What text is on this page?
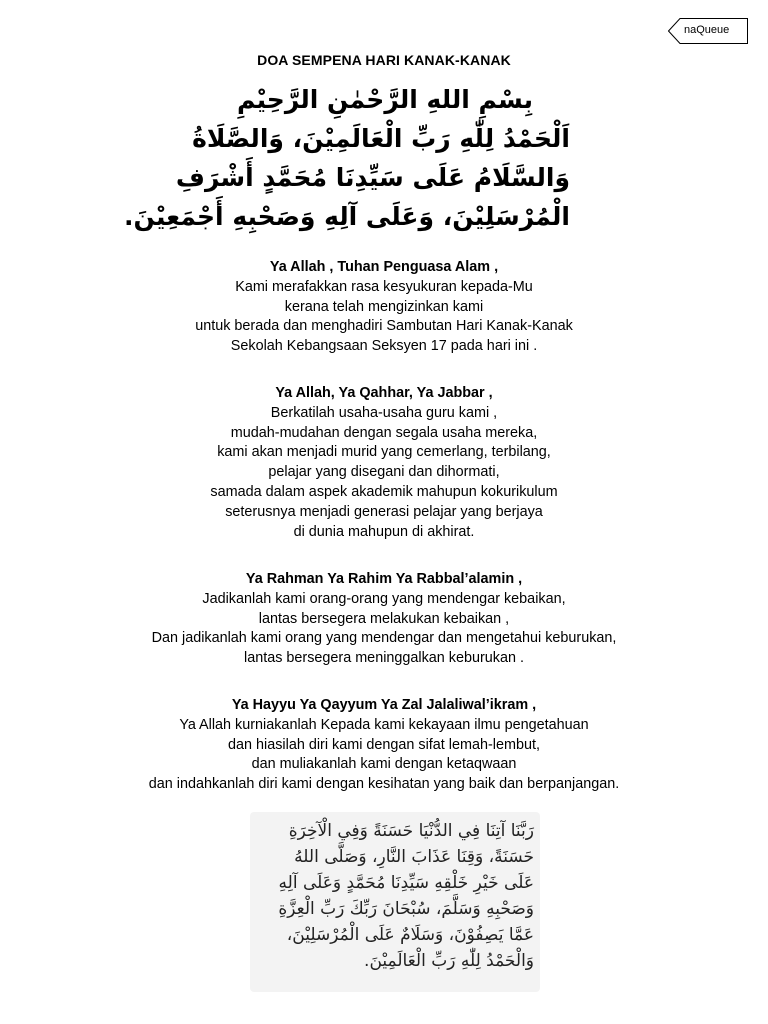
naQueue
DOA SEMPENA HARI KANAK-KANAK
بِسْمِ اللهِ الرَّحْمٰنِ الرَّحِيْمِ
اَلْحَمْدُ لِلّٰهِ رَبِّ الْعَالَمِيْنَ، وَالصَّلَاةُ
وَالسَّلَامُ عَلَى سَيِّدِنَا مُحَمَّدٍ أَشْرَفِ
الْمُرْسَلِيْنَ، وَعَلَى آلِهِ وَصَحْبِهِ أَجْمَعِيْنَ.
Ya Allah , Tuhan Penguasa Alam ,
Kami merafakkan rasa kesyukuran kepada-Mu
kerana telah mengizinkan kami
untuk berada dan menghadiri Sambutan Hari Kanak-Kanak
Sekolah Kebangsaan Seksyen 17 pada hari ini .
Ya Allah, Ya Qahhar, Ya Jabbar ,
Berkatilah usaha-usaha guru kami ,
mudah-mudahan dengan segala usaha mereka,
kami akan menjadi murid yang cemerlang, terbilang,
pelajar yang disegani dan dihormati,
samada dalam aspek akademik mahupun kokurikulum
seterusnya menjadi generasi pelajar yang berjaya
di dunia mahupun di akhirat.
Ya Rahman Ya Rahim Ya Rabbal’alamin ,
Jadikanlah kami orang-orang yang mendengar kebaikan,
lantas bersegera melakukan kebaikan ,
Dan jadikanlah kami orang yang mendengar dan mengetahui keburukan,
lantas bersegera meninggalkan keburukan .
Ya Hayyu Ya Qayyum Ya Zal Jalaliwal’ikram ,
Ya Allah kurniakanlah Kepada kami kekayaan ilmu pengetahuan
dan hiasilah diri kami dengan sifat lemah-lembut,
dan muliakanlah kami dengan ketaqwaan
dan indahkanlah diri kami dengan kesihatan yang baik dan berpanjangan.
رَبَّنَا آتِنَا فِي الدُّنْيَا حَسَنَةً وَفِي الْآخِرَةِ
حَسَنَةً، وَقِنَا عَذَابَ النَّارِ، وَصَلَّى اللهُ
عَلَى خَيْرِ خَلْقِهِ سَيِّدِنَا مُحَمَّدٍ وَعَلَى آلِهِ
وَصَحْبِهِ وَسَلَّمَ، سُبْحَانَ رَبِّكَ رَبِّ الْعِزَّةِ
عَمَّا يَصِفُوْنَ، وَسَلَامٌ عَلَى الْمُرْسَلِيْنَ،
وَالْحَمْدُ لِلّٰهِ رَبِّ الْعَالَمِيْنَ.
